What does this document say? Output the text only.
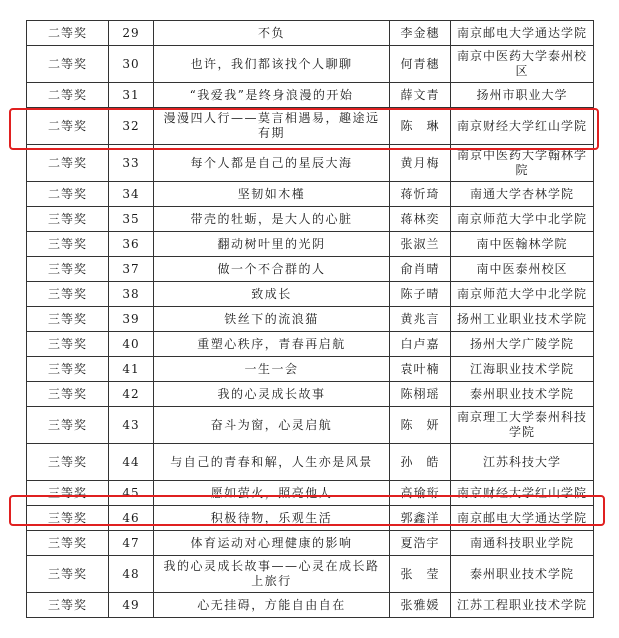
二等奖	29	不负	李金穗	南京邮电大学通达学院
二等奖	30	也许，我们都该找个人聊聊	何青穗	南京中医药大学泰州校区
二等奖	31	“我爱我”是终身浪漫的开始	薛文青	扬州市职业大学
二等奖	32	漫漫四人行——莫言相遇易，趣途远有期	陈　琳	南京财经大学红山学院
二等奖	33	每个人都是自己的星辰大海	黄月梅	南京中医药大学翰林学院
二等奖	34	坚韧如木槿	蒋忻琦	南通大学杏林学院
三等奖	35	带壳的牡蛎，是大人的心脏	蒋林奕	南京师范大学中北学院
三等奖	36	翻动树叶里的光阴	张淑兰	南中医翰林学院
三等奖	37	做一个不合群的人	俞肖晴	南中医泰州校区
三等奖	38	致成长	陈子晴	南京师范大学中北学院
三等奖	39	铁丝下的流浪猫	黄兆言	扬州工业职业技术学院
三等奖	40	重塑心秩序，青春再启航	白卢嘉	扬州大学广陵学院
三等奖	41	一生一会	袁叶楠	江海职业技术学院
三等奖	42	我的心灵成长故事	陈栩瑶	泰州职业技术学院
三等奖	43	奋斗为窗，心灵启航	陈　妍	南京理工大学泰州科技学院
三等奖	44	与自己的青春和解，人生亦是风景	孙　皓	江苏科技大学
三等奖	45	愿如萤火，照亮他人	高瑜珩	南京财经大学红山学院
三等奖	46	积极待物，乐观生活	郭鑫洋	南京邮电大学通达学院
三等奖	47	体育运动对心理健康的影响	夏浩宇	南通科技职业学院
三等奖	48	我的心灵成长故事——心灵在成长路上旅行	张　莹	泰州职业技术学院
三等奖	49	心无挂碍，方能自由自在	张雅媛	江苏工程职业技术学院
